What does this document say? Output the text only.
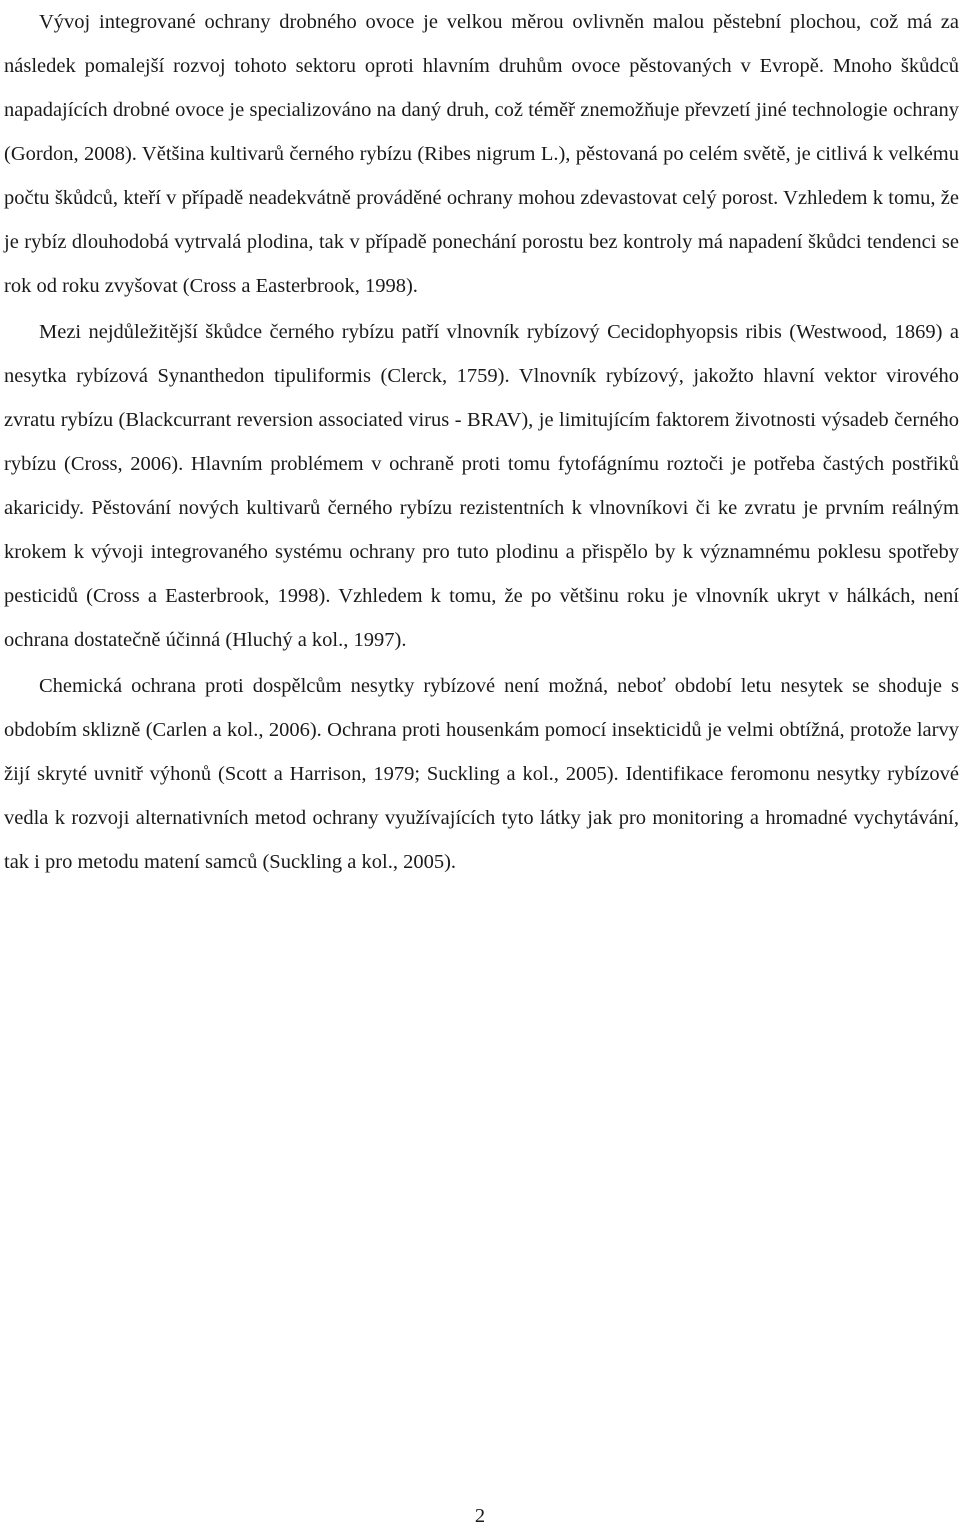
Vývoj integrované ochrany drobného ovoce je velkou měrou ovlivněn malou pěstební plochou, což má za následek pomalejší rozvoj tohoto sektoru oproti hlavním druhům ovoce pěstovaných v Evropě. Mnoho škůdců napadajících drobné ovoce je specializováno na daný druh, což téměř znemožňuje převzetí jiné technologie ochrany (Gordon, 2008). Většina kultivarů černého rybízu (Ribes nigrum L.), pěstovaná po celém světě, je citlivá k velkému počtu škůdců, kteří v případě neadekvátně prováděné ochrany mohou zdevastovat celý porost. Vzhledem k tomu, že je rybíz dlouhodobá vytrvalá plodina, tak v případě ponechání porostu bez kontroly má napadení škůdci tendenci se rok od roku zvyšovat (Cross a Easterbrook, 1998).

Mezi nejdůležitější škůdce černého rybízu patří vlnovník rybízový Cecidophyopsis ribis (Westwood, 1869) a nesytka rybízová Synanthedon tipuliformis (Clerck, 1759). Vlnovník rybízový, jakožto hlavní vektor virového zvratu rybízu (Blackcurrant reversion associated virus - BRAV), je limitujícím faktorem životnosti výsadeb černého rybízu (Cross, 2006). Hlavním problémem v ochraně proti tomu fytofágnímu roztoči je potřeba častých postřiků akaricidy. Pěstování nových kultivarů černého rybízu rezistentních k vlnovníkovi či ke zvratu je prvním reálným krokem k vývoji integrovaného systému ochrany pro tuto plodinu a přispělo by k významnému poklesu spotřeby pesticidů (Cross a Easterbrook, 1998). Vzhledem k tomu, že po většinu roku je vlnovník ukryt v hálkách, není ochrana dostatečně účinná (Hluchý a kol., 1997).

Chemická ochrana proti dospělcům nesytky rybízové není možná, neboť období letu nesytek se shoduje s obdobím sklizně (Carlen a kol., 2006). Ochrana proti housenkám pomocí insekticidů je velmi obtížná, protože larvy žijí skryté uvnitř výhonů (Scott a Harrison, 1979; Suckling a kol., 2005). Identifikace feromonu nesytky rybízové vedla k rozvoji alternativních metod ochrany využívajících tyto látky jak pro monitoring a hromadné vychytávání, tak i pro metodu matení samců (Suckling a kol., 2005).

2
